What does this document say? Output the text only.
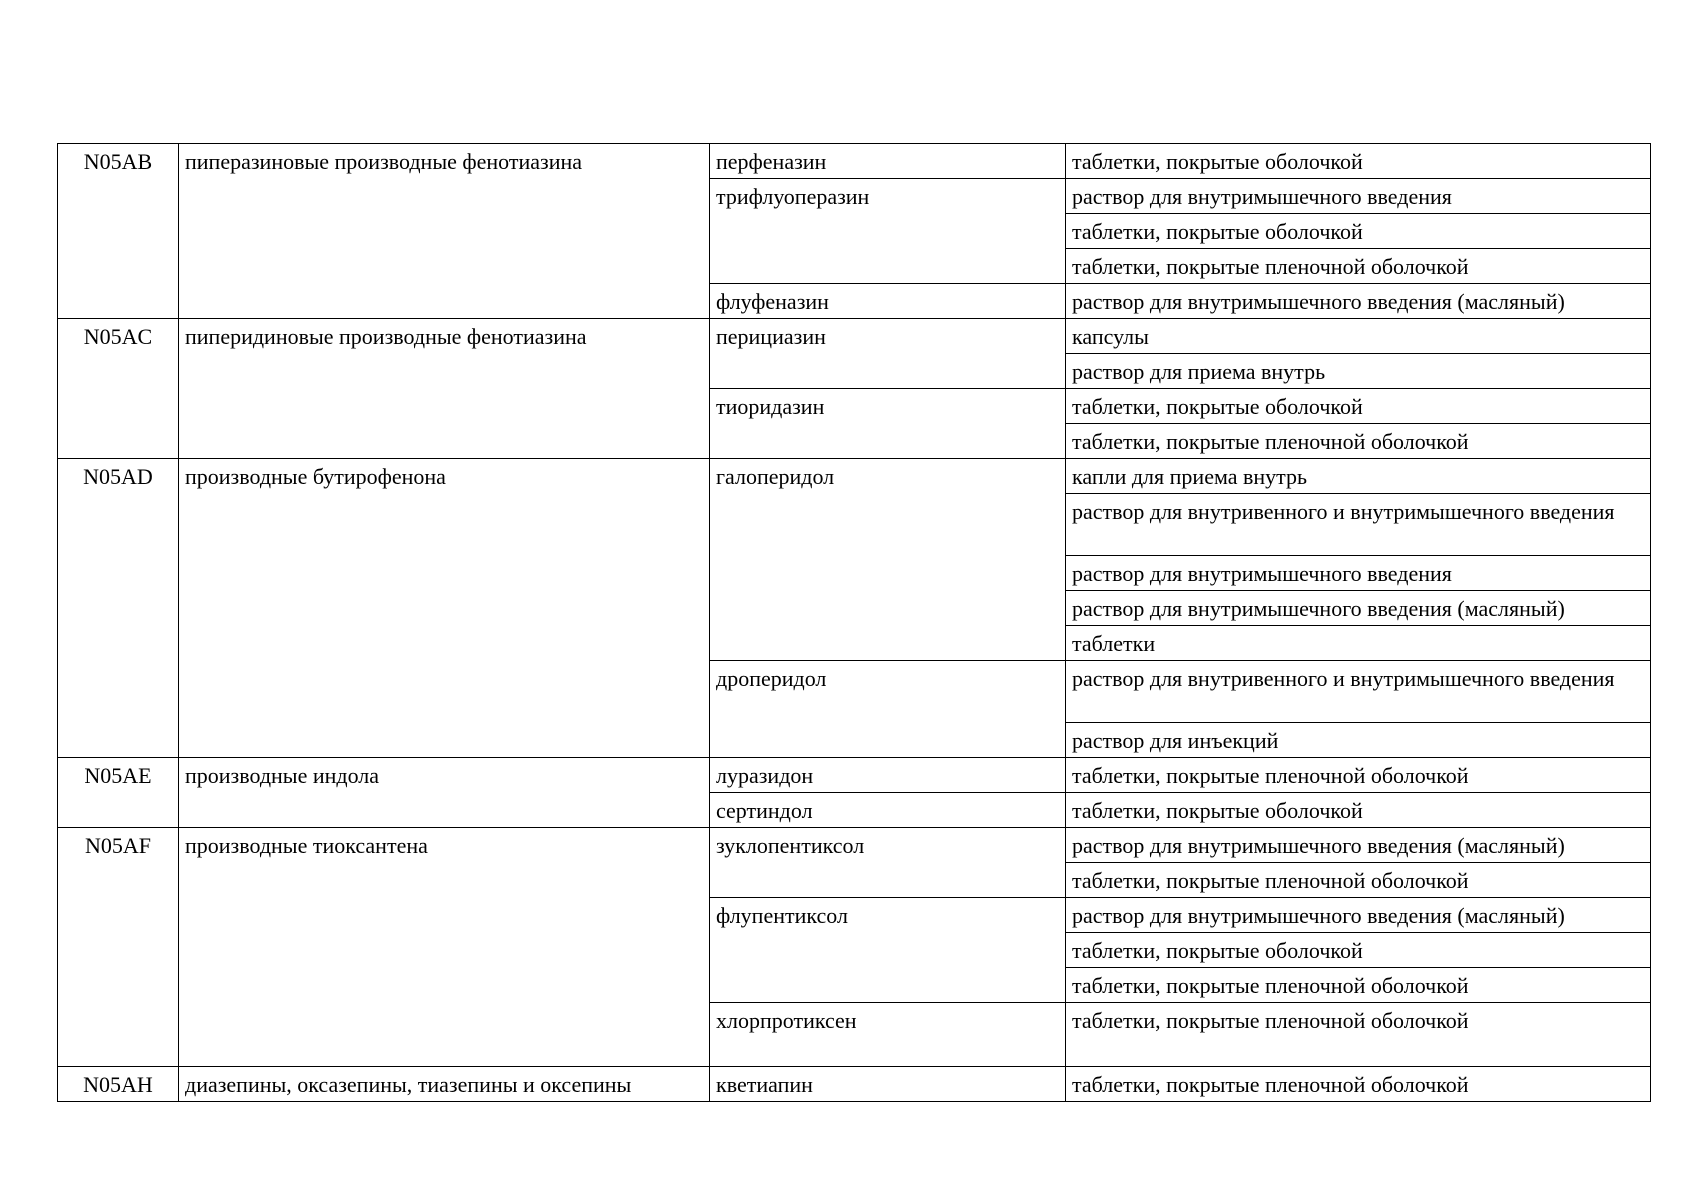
N05AB	пиперазиновые производные фенотиазина	перфеназин	таблетки, покрытые оболочкой
		трифлуоперазин	раствор для внутримышечного введения
			таблетки, покрытые оболочкой
			таблетки, покрытые пленочной оболочкой
		флуфеназин	раствор для внутримышечного введения (масляный)
N05AC	пиперидиновые производные фенотиазина	перициазин	капсулы
			раствор для приема внутрь
		тиоридазин	таблетки, покрытые оболочкой
			таблетки, покрытые пленочной оболочкой
N05AD	производные бутирофенона	галоперидол	капли для приема внутрь
			раствор для внутривенного и внутримышечного введения
			раствор для внутримышечного введения
			раствор для внутримышечного введения (масляный)
			таблетки
		дроперидол	раствор для внутривенного и внутримышечного введения
			раствор для инъекций
N05AE	производные индола	луразидон	таблетки, покрытые пленочной оболочкой
		сертиндол	таблетки, покрытые оболочкой
N05AF	производные тиоксантена	зуклопентиксол	раствор для внутримышечного введения (масляный)
			таблетки, покрытые пленочной оболочкой
		флупентиксол	раствор для внутримышечного введения (масляный)
			таблетки, покрытые оболочкой
			таблетки, покрытые пленочной оболочкой
		хлорпротиксен	таблетки, покрытые пленочной оболочкой
N05AH	диазепины, оксазепины, тиазепины и оксепины	кветиапин	таблетки, покрытые пленочной оболочкой
